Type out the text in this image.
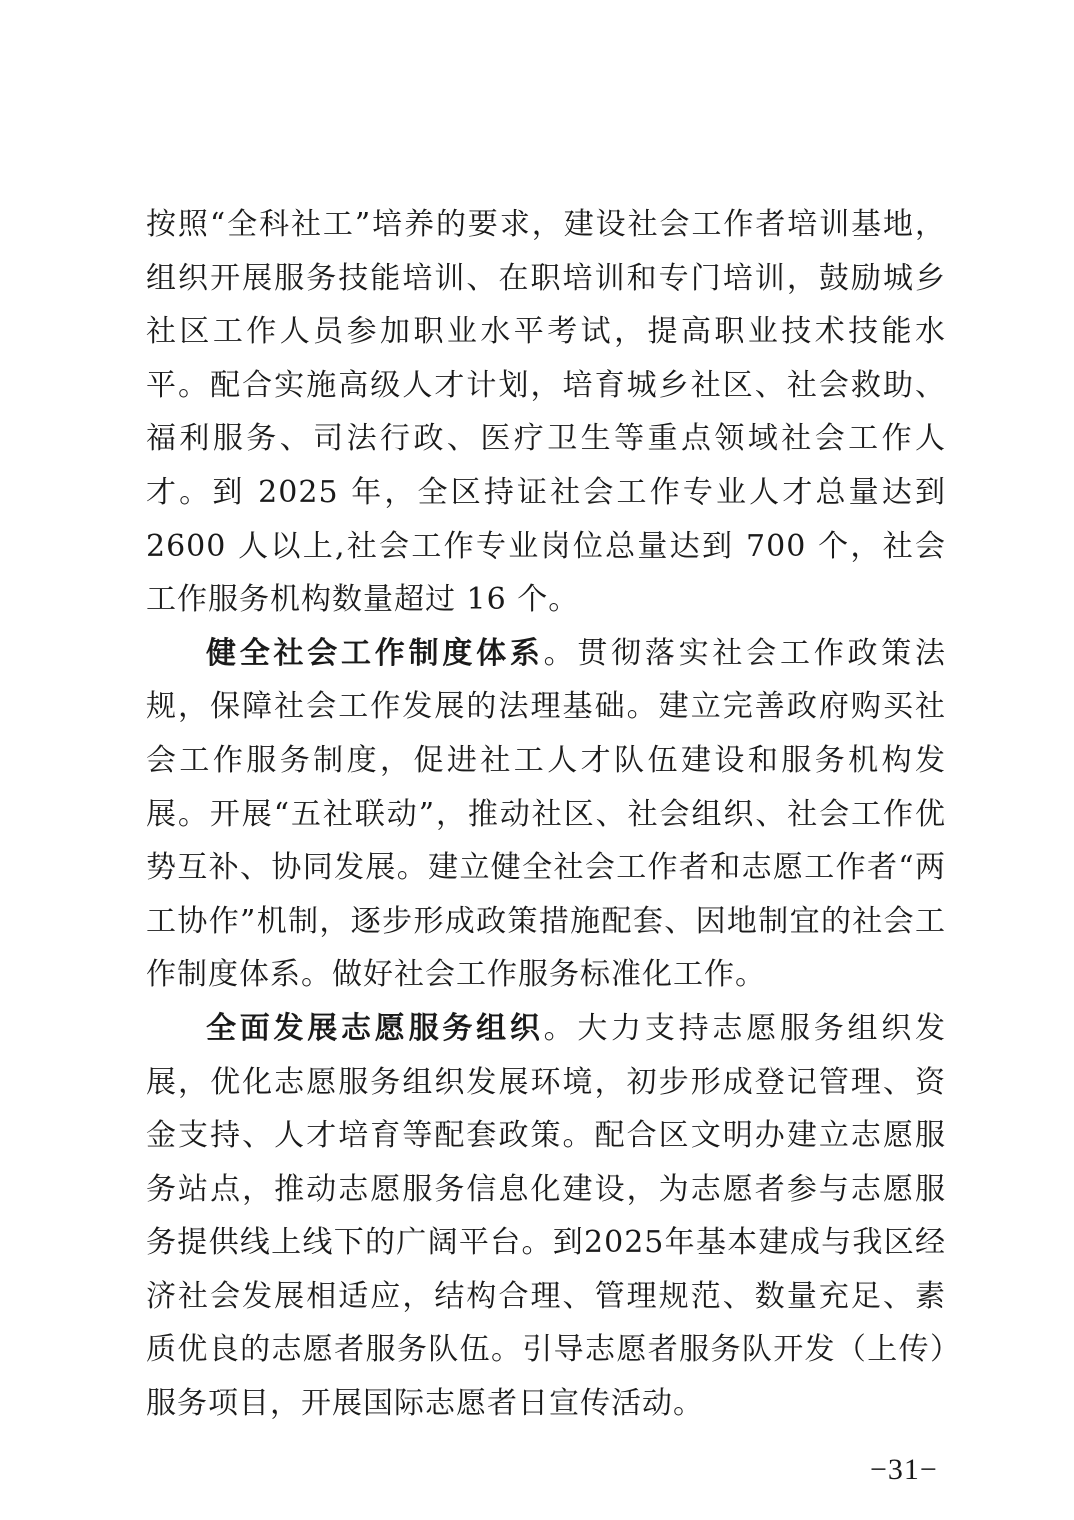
按照“全科社工”培养的要求，建设社会工作者培训基地，组织开展服务技能培训、在职培训和专门培训，鼓励城乡社区工作人员参加职业水平考试，提高职业技术技能水平。配合实施高级人才计划，培育城乡社区、社会救助、福利服务、司法行政、医疗卫生等重点领域社会工作人才。到 2025 年，全区持证社会工作专业人才总量达到 2600 人以上,社会工作专业岗位总量达到 700 个，社会工作服务机构数量超过 16 个。

健全社会工作制度体系。贯彻落实社会工作政策法规，保障社会工作发展的法理基础。建立完善政府购买社会工作服务制度，促进社工人才队伍建设和服务机构发展。开展“五社联动”，推动社区、社会组织、社会工作优势互补、协同发展。建立健全社会工作者和志愿工作者“两工协作”机制，逐步形成政策措施配套、因地制宜的社会工作制度体系。做好社会工作服务标准化工作。

全面发展志愿服务组织。大力支持志愿服务组织发展，优化志愿服务组织发展环境，初步形成登记管理、资金支持、人才培育等配套政策。配合区文明办建立志愿服务站点，推动志愿服务信息化建设，为志愿者参与志愿服务提供线上线下的广阔平台。到2025年基本建成与我区经济社会发展相适应，结构合理、管理规范、数量充足、素质优良的志愿者服务队伍。引导志愿者服务队开发（上传）服务项目，开展国际志愿者日宣传活动。

−31−
